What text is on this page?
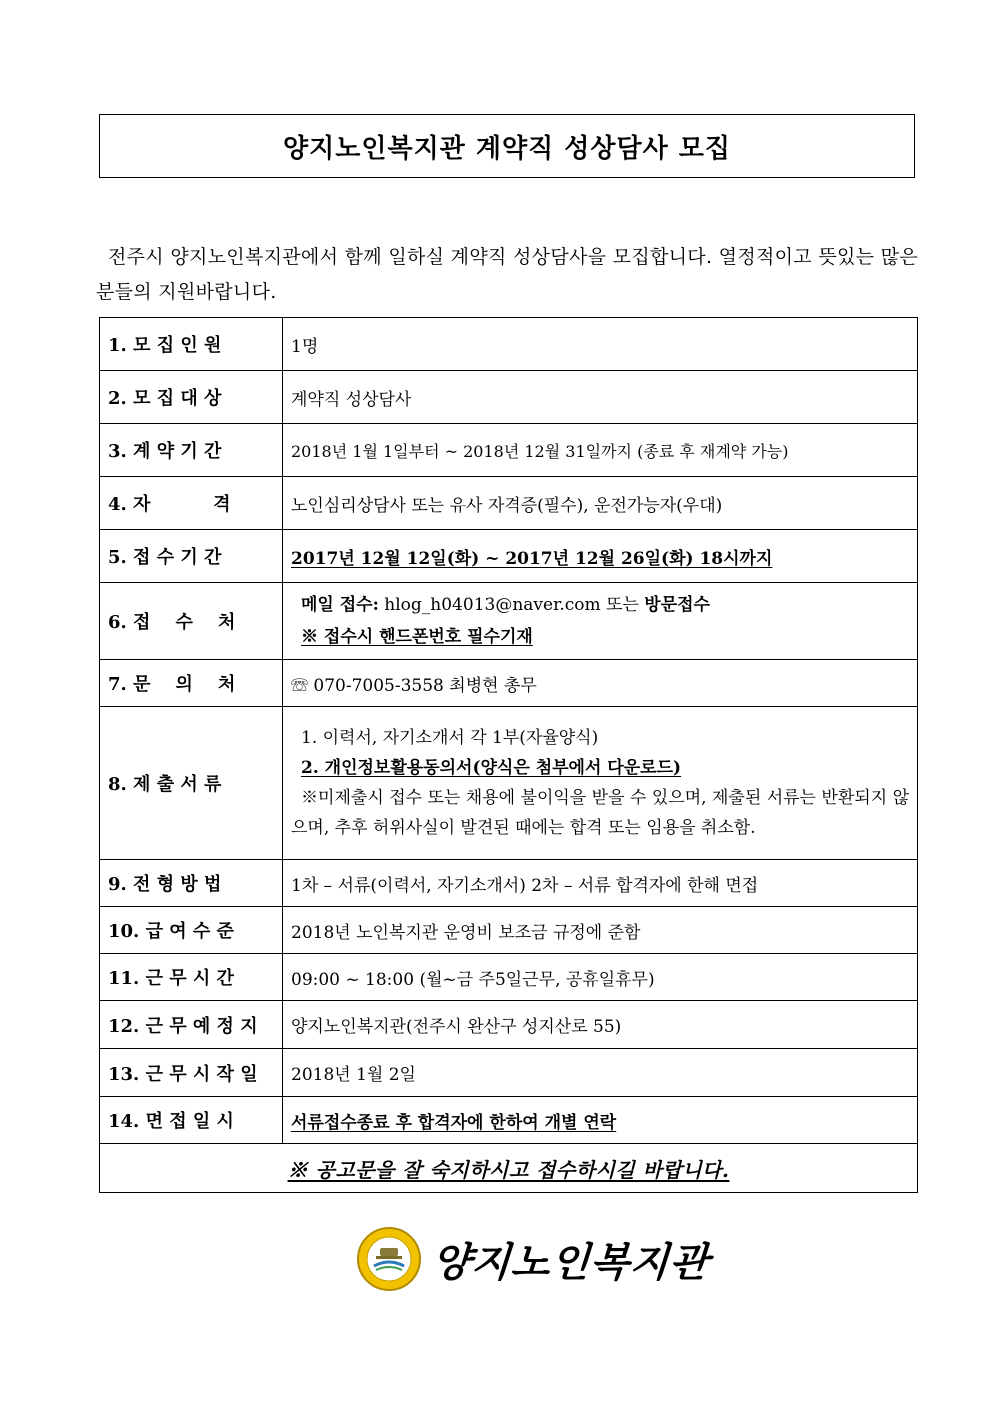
양지노인복지관 계약직 성상담사 모집
전주시 양지노인복지관에서 함께 일하실 계약직 성상담사을 모집합니다. 열정적이고 뜻있는 많은 분들의 지원바랍니다.
1. 모 집 인 원	1명
2. 모 집 대 상	계약직 성상담사
3. 계 약 기 간	2018년 1월 1일부터 ~ 2018년 12월 31일까지 (종료 후 재계약 가능)
4. 자          격	노인심리상담사 또는 유사 자격증(필수), 운전가능자(우대)
5. 접 수 기 간	2017년 12월 12일(화) ~ 2017년 12월 26일(화) 18시까지
6. 접    수    처	메일 접수: hlog_h04013@naver.com 또는 방문접수
※ 접수시 핸드폰번호 필수기재

7. 문    의    처	☏ 070-7005-3558 최병현 총무
8. 제 출 서 류	1. 이력서, 자기소개서 각 1부(자율양식)
2. 개인정보활용동의서(양식은 첨부에서 다운로드)
※미제출시 접수 또는 채용에 불이익을 받을 수 있으며, 제출된 서류는 반환되지 않으며, 추후 허위사실이 발견된 때에는 합격 또는 임용을 취소함.

9. 전 형 방 법	1차 – 서류(이력서, 자기소개서) 2차 – 서류 합격자에 한해 면접
10. 급 여 수 준	2018년 노인복지관 운영비 보조금 규정에 준함
11. 근 무 시 간	09:00 ~ 18:00 (월~금 주5일근무, 공휴일휴무)
12. 근 무 예 정 지	양지노인복지관(전주시 완산구 성지산로 55)
13. 근 무 시 작 일	2018년 1월 2일
14. 면 접 일 시	서류접수종료 후 합격자에 한하여 개별 연락
※ 공고문을 잘 숙지하시고 접수하시길 바랍니다.	
양지노인복지관
